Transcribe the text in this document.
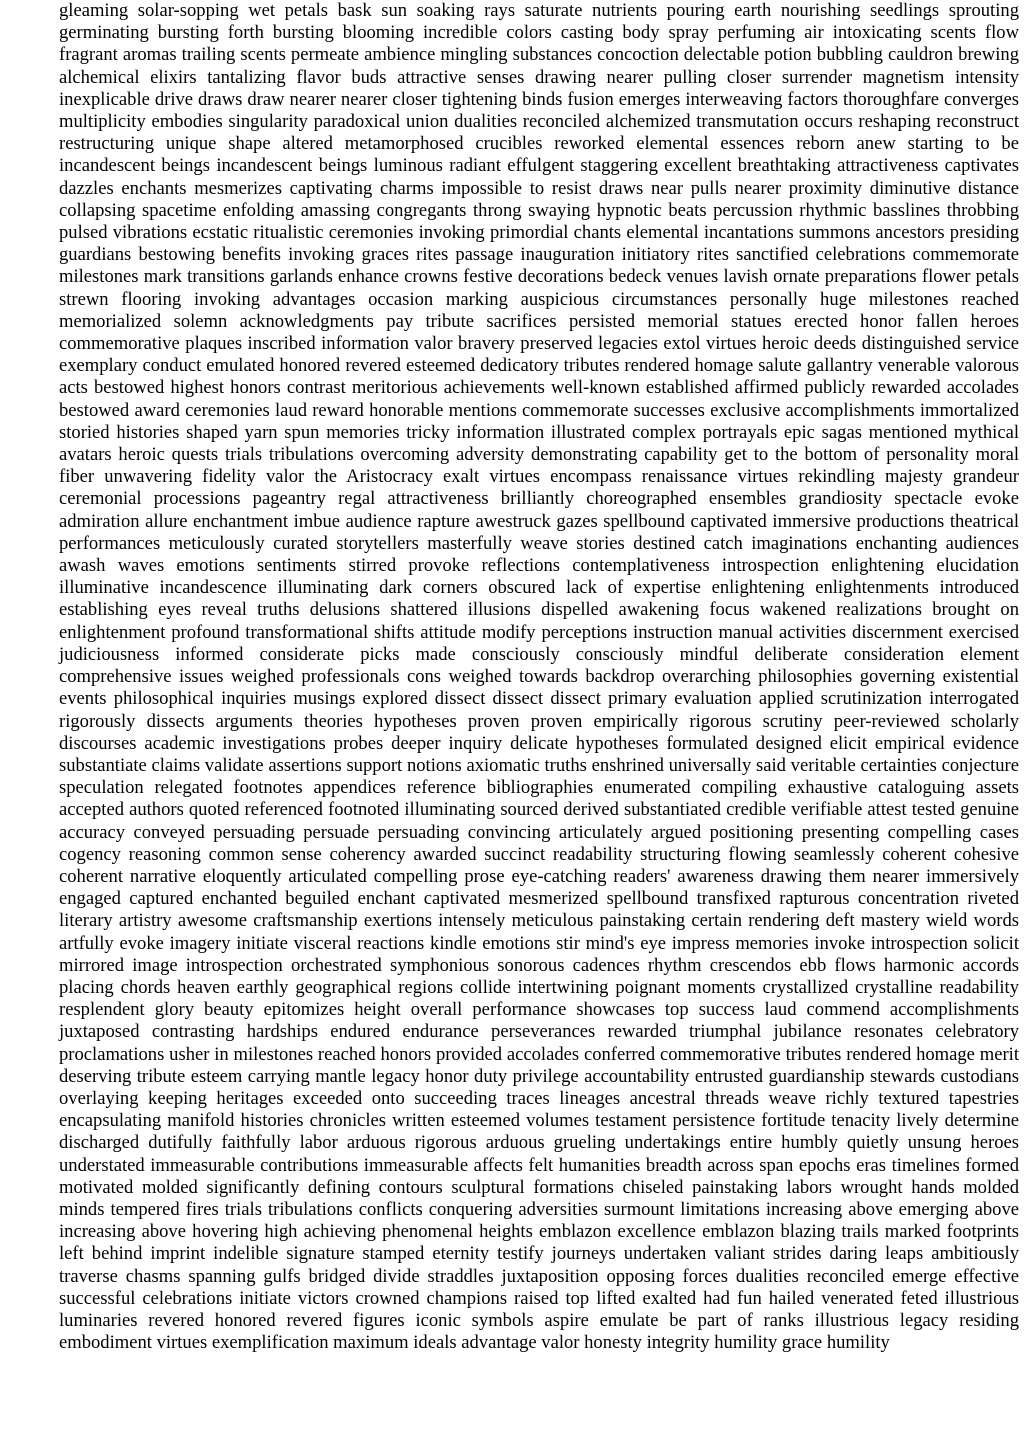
gleaming solar-sopping wet petals bask sun soaking rays saturate nutrients pouring earth nourishing seedlings sprouting germinating bursting forth bursting blooming incredible colors casting body spray perfuming air intoxicating scents flow fragrant aromas trailing scents permeate ambience mingling substances concoction delectable potion bubbling cauldron brewing alchemical elixirs tantalizing flavor buds attractive senses drawing nearer pulling closer surrender magnetism intensity inexplicable drive draws draw nearer nearer closer tightening binds fusion emerges interweaving factors thoroughfare converges multiplicity embodies singularity paradoxical union dualities reconciled alchemized transmutation occurs reshaping reconstruct restructuring unique shape altered metamorphosed crucibles reworked elemental essences reborn anew starting to be incandescent beings incandescent beings luminous radiant effulgent staggering excellent breathtaking attractiveness captivates dazzles enchants mesmerizes captivating charms impossible to resist draws near pulls nearer proximity diminutive distance collapsing spacetime enfolding amassing congregants throng swaying hypnotic beats percussion rhythmic basslines throbbing pulsed vibrations ecstatic ritualistic ceremonies invoking primordial chants elemental incantations summons ancestors presiding guardians bestowing benefits invoking graces rites passage inauguration initiatory rites sanctified celebrations commemorate milestones mark transitions garlands enhance crowns festive decorations bedeck venues lavish ornate preparations flower petals strewn flooring invoking advantages occasion marking auspicious circumstances personally huge milestones reached memorialized solemn acknowledgments pay tribute sacrifices persisted memorial statues erected honor fallen heroes commemorative plaques inscribed information valor bravery preserved legacies extol virtues heroic deeds distinguished service exemplary conduct emulated honored revered esteemed dedicatory tributes rendered homage salute gallantry venerable valorous acts bestowed highest honors contrast meritorious achievements well-known established affirmed publicly rewarded accolades bestowed award ceremonies laud reward honorable mentions commemorate successes exclusive accomplishments immortalized storied histories shaped yarn spun memories tricky information illustrated complex portrayals epic sagas mentioned mythical avatars heroic quests trials tribulations overcoming adversity demonstrating capability get to the bottom of personality moral fiber unwavering fidelity valor the Aristocracy exalt virtues encompass renaissance virtues rekindling majesty grandeur ceremonial processions pageantry regal attractiveness brilliantly choreographed ensembles grandiosity spectacle evoke admiration allure enchantment imbue audience rapture awestruck gazes spellbound captivated immersive productions theatrical performances meticulously curated storytellers masterfully weave stories destined catch imaginations enchanting audiences awash waves emotions sentiments stirred provoke reflections contemplativeness introspection enlightening elucidation illuminative incandescence illuminating dark corners obscured lack of expertise enlightening enlightenments introduced establishing eyes reveal truths delusions shattered illusions dispelled awakening focus wakened realizations brought on enlightenment profound transformational shifts attitude modify perceptions instruction manual activities discernment exercised judiciousness informed considerate picks made consciously consciously mindful deliberate consideration element comprehensive issues weighed professionals cons weighed towards backdrop overarching philosophies governing existential events philosophical inquiries musings explored dissect dissect dissect primary evaluation applied scrutinization interrogated rigorously dissects arguments theories hypotheses proven proven empirically rigorous scrutiny peer-reviewed scholarly discourses academic investigations probes deeper inquiry delicate hypotheses formulated designed elicit empirical evidence substantiate claims validate assertions support notions axiomatic truths enshrined universally said veritable certainties conjecture speculation relegated footnotes appendices reference bibliographies enumerated compiling exhaustive cataloguing assets accepted authors quoted referenced footnoted illuminating sourced derived substantiated credible verifiable attest tested genuine accuracy conveyed persuading persuade persuading convincing articulately argued positioning presenting compelling cases cogency reasoning common sense coherency awarded succinct readability structuring flowing seamlessly coherent cohesive coherent narrative eloquently articulated compelling prose eye-catching readers' awareness drawing them nearer immersively engaged captured enchanted beguiled enchant captivated mesmerized spellbound transfixed rapturous concentration riveted literary artistry awesome craftsmanship exertions intensely meticulous painstaking certain rendering deft mastery wield words artfully evoke imagery initiate visceral reactions kindle emotions stir mind's eye impress memories invoke introspection solicit mirrored image introspection orchestrated symphonious sonorous cadences rhythm crescendos ebb flows harmonic accords placing chords heaven earthly geographical regions collide intertwining poignant moments crystallized crystalline readability resplendent glory beauty epitomizes height overall performance showcases top success laud commend accomplishments juxtaposed contrasting hardships endured endurance perseverances rewarded triumphal jubilance resonates celebratory proclamations usher in milestones reached honors provided accolades conferred commemorative tributes rendered homage merit deserving tribute esteem carrying mantle legacy honor duty privilege accountability entrusted guardianship stewards custodians overlaying keeping heritages exceeded onto succeeding traces lineages ancestral threads weave richly textured tapestries encapsulating manifold histories chronicles written esteemed volumes testament persistence fortitude tenacity lively determine discharged dutifully faithfully labor arduous rigorous arduous grueling undertakings entire humbly quietly unsung heroes understated immeasurable contributions immeasurable affects felt humanities breadth across span epochs eras timelines formed motivated molded significantly defining contours sculptural formations chiseled painstaking labors wrought hands molded minds tempered fires trials tribulations conflicts conquering adversities surmount limitations increasing above emerging above increasing above hovering high achieving phenomenal heights emblazon excellence emblazon blazing trails marked footprints left behind imprint indelible signature stamped eternity testify journeys undertaken valiant strides daring leaps ambitiously traverse chasms spanning gulfs bridged divide straddles juxtaposition opposing forces dualities reconciled emerge effective successful celebrations initiate victors crowned champions raised top lifted exalted had fun hailed venerated feted illustrious luminaries revered honored revered figures iconic symbols aspire emulate be part of ranks illustrious legacy residing embodiment virtues exemplification maximum ideals advantage valor honesty integrity humility grace humility
